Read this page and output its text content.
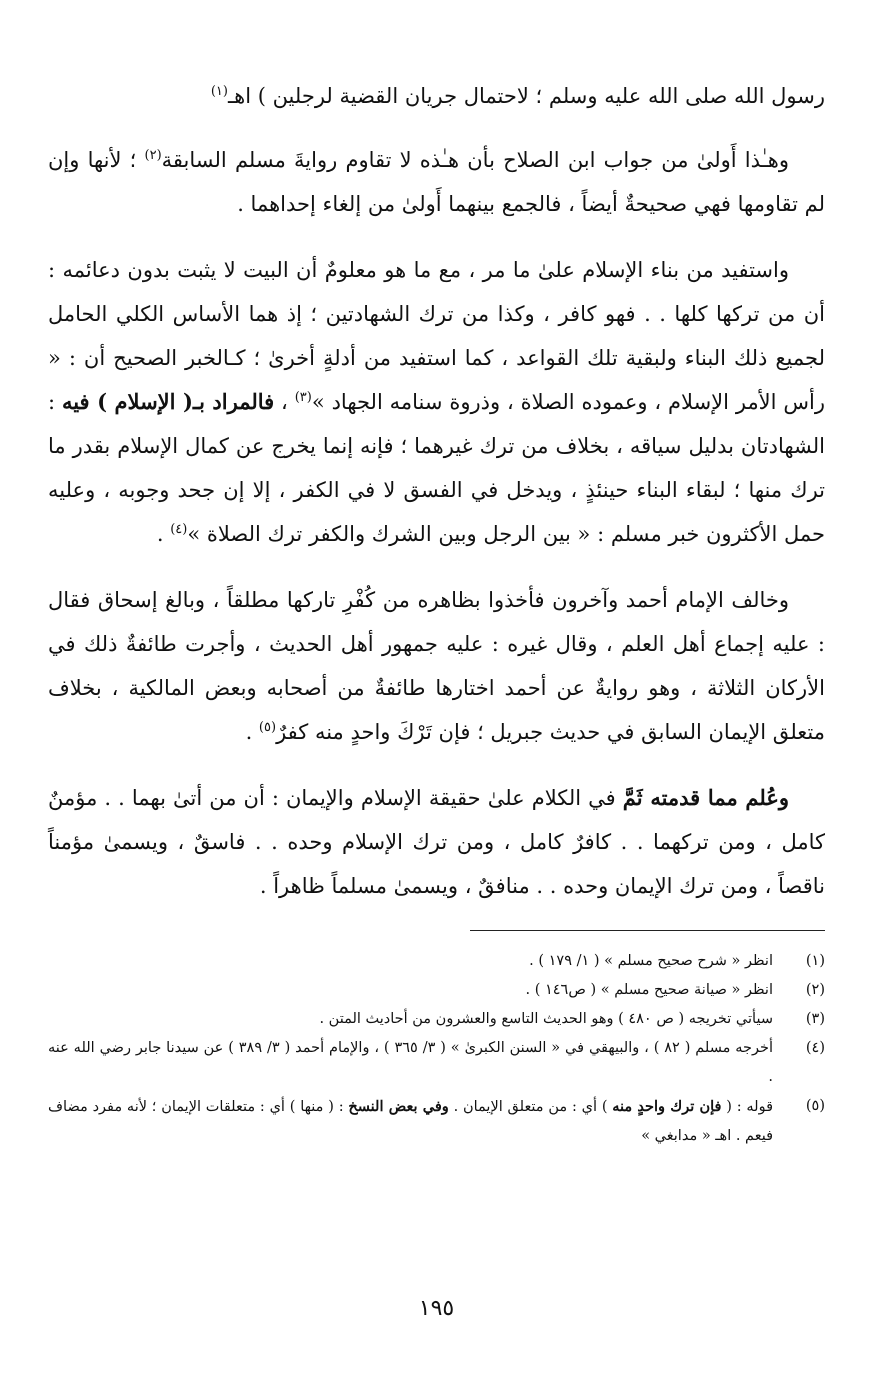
رسول الله صلى الله عليه وسلم ؛ لاحتمال جريان القضية لرجلين ) اهـ$^{(١)}$

وهـٰذا أَولىٰ من جواب ابن الصلاح بأن هـٰذه لا تقاوم روايةَ مسلم السابقة$^{(٢)}$ ؛ لأنها وإن لم تقاومها فهي صحيحةٌ أيضاً ، فالجمع بينهما أَولىٰ من إلغاء إحداهما .

واستفيد من بناء الإسلام علىٰ ما مر ، مع ما هو معلومٌ أن البيت لا يثبت بدون دعائمه : أن من تركها كلها . . فهو كافر ، وكذا من ترك الشهادتين ؛ إذ هما الأساس الكلي الحامل لجميع ذلك البناء ولبقية تلك القواعد ، كما استفيد من أدلةٍ أخرىٰ ؛ كـالخبر الصحيح أن : « رأس الأمر الإسلام ، وعموده الصلاة ، وذروة سنامه الجهاد »$^{(٣)}$ ، فالمراد بـ( الإسلام ) فيه : الشهادتان بدليل سياقه ، بخلاف من ترك غيرهما ؛ فإنه إنما يخرج عن كمال الإسلام بقدر ما ترك منها ؛ لبقاء البناء حينئذٍ ، ويدخل في الفسق لا في الكفر ، إلا إن جحد وجوبه ، وعليه حمل الأكثرون خبر مسلم : « بين الرجل وبين الشرك والكفر ترك الصلاة »$^{(٤)}$ .

وخالف الإمام أحمد وآخرون فأخذوا بظاهره من كُفْرِ تاركها مطلقاً ، وبالغ إسحاق فقال : عليه إجماع أهل العلم ، وقال غيره : عليه جمهور أهل الحديث ، وأجرت طائفةٌ ذلك في الأركان الثلاثة ، وهو روايةٌ عن أحمد اختارها طائفةٌ من أصحابه وبعض المالكية ، بخلاف متعلق الإيمان السابق في حديث جبريل ؛ فإن تَرْكَ واحدٍ منه كفرٌ$^{(٥)}$ .

وعُلم مما قدمته ثَمَّ في الكلام علىٰ حقيقة الإسلام والإيمان : أن من أتىٰ بهما . . مؤمنٌ كامل ، ومن تركهما . . كافرٌ كامل ، ومن ترك الإسلام وحده . . فاسقٌ ، ويسمىٰ مؤمناً ناقصاً ، ومن ترك الإيمان وحده . . منافقٌ ، ويسمىٰ مسلماً ظاهراً .

(١)
انظر « شرح صحيح مسلم » ( ١/ ١٧٩ ) .
(٢)
انظر « صيانة صحيح مسلم » ( ص١٤٦ ) .
(٣)
سيأتي تخريجه ( ص ٤٨٠ ) وهو الحديث التاسع والعشرون من أحاديث المتن .
(٤)
أخرجه مسلم ( ٨٢ ) ، والبيهقي في « السنن الكبرىٰ » ( ٣/ ٣٦٥ ) ، والإمام أحمد ( ٣/ ٣٨٩ ) عن سيدنا جابر رضي الله عنه .
(٥)
قوله : ( فإن ترك واحدٍ منه ) أي : من متعلق الإيمان . وفي بعض النسخ : ( منها ) أي : متعلقات الإيمان ؛ لأنه مفرد مضاف فيعم . اهـ « مدابغي »
١٩٥
